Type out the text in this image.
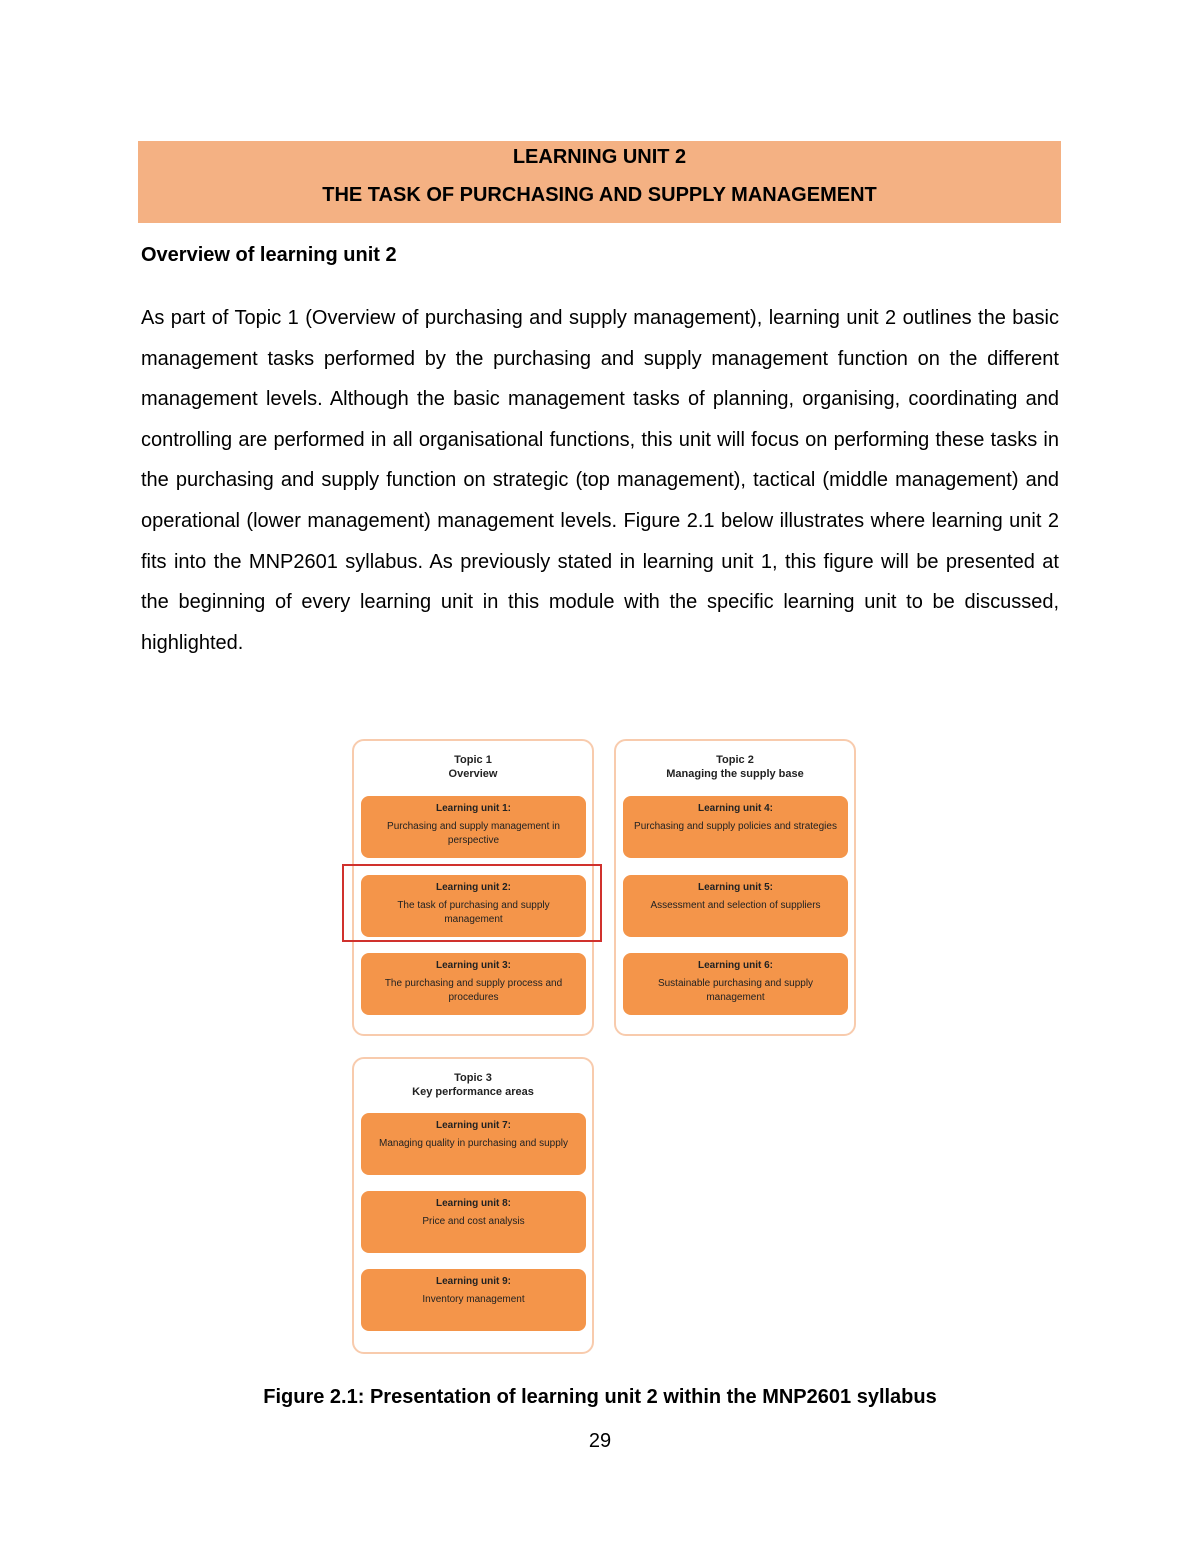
LEARNING UNIT 2
THE TASK OF PURCHASING AND SUPPLY MANAGEMENT
Overview of learning unit 2
As part of Topic 1 (Overview of purchasing and supply management), learning unit 2 outlines the basic management tasks performed by the purchasing and supply management function on the different management levels. Although the basic management tasks of planning, organising, coordinating and controlling are performed in all organisational functions, this unit will focus on performing these tasks in the purchasing and supply function on strategic (top management), tactical (middle management) and operational (lower management) management levels. Figure 2.1 below illustrates where learning unit 2 fits into the MNP2601 syllabus. As previously stated in learning unit 1, this figure will be presented at the beginning of every learning unit in this module with the specific learning unit to be discussed, highlighted.
Topic 1
Overview
Learning unit 1:
Purchasing and supply management in perspective
Learning unit 2:
The task of purchasing and supply management
Learning unit 3:
The purchasing and supply process and procedures
Topic 2
Managing the supply base
Learning unit 4:
Purchasing and supply policies and strategies
Learning unit 5:
Assessment and selection of suppliers
Learning unit 6:
Sustainable purchasing and supply management
Topic 3
Key performance areas
Learning unit 7:
Managing quality in purchasing and supply
Learning unit 8:
Price and cost analysis
Learning unit 9:
Inventory management
Figure 2.1: Presentation of learning unit 2 within the MNP2601 syllabus
29
